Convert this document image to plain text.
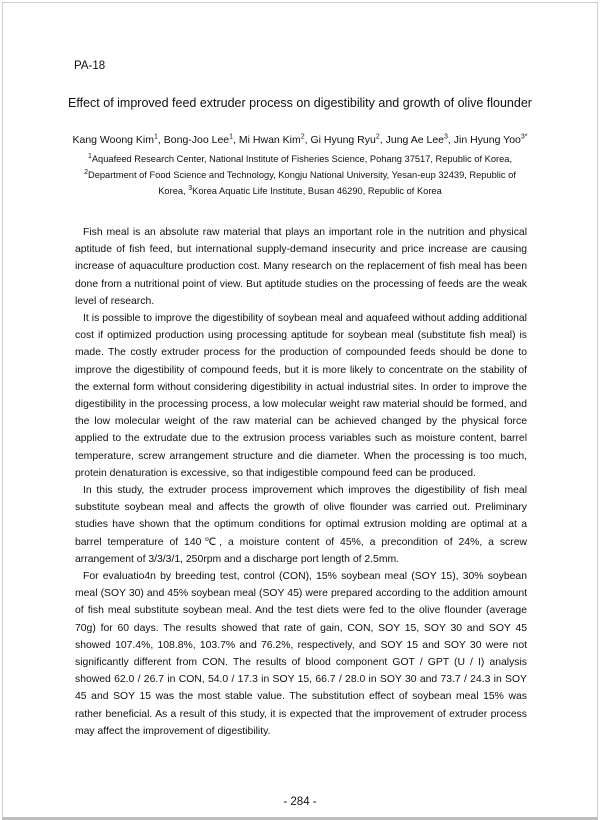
PA-18
Effect of improved feed extruder process on digestibility and growth of olive flounder
Kang Woong Kim$^1$, Bong-Joo Lee$^1$, Mi Hwan Kim$^2$, Gi Hyung Ryu$^2$, Jung Ae Lee$^3$, Jin Hyung Yoo$^{3*}$
$^1$Aquafeed Research Center, National Institute of Fisheries Science, Pohang 37517, Republic of Korea,
$^2$Department of Food Science and Technology, Kongju National University, Yesan-eup 32439, Republic of
Korea, $^3$Korea Aquatic Life Institute, Busan 46290, Republic of Korea

Fish meal is an absolute raw material that plays an important role in the nutrition and physical aptitude of fish feed, but international supply-demand insecurity and price increase are causing increase of aquaculture production cost. Many research on the replacement of fish meal has been done from a nutritional point of view. But aptitude studies on the processing of feeds are the weak level of research.

It is possible to improve the digestibility of soybean meal and aquafeed without adding additional cost if optimized production using processing aptitude for soybean meal (substitute fish meal) is made. The costly extruder process for the production of compounded feeds should be done to improve the digestibility of compound feeds, but it is more likely to concentrate on the stability of the external form without considering digestibility in actual industrial sites. In order to improve the digestibility in the processing process, a low molecular weight raw material should be formed, and the low molecular weight of the raw material can be achieved changed by the physical force applied to the extrudate due to the extrusion process variables such as moisture content, barrel temperature, screw arrangement structure and die diameter. When the processing is too much, protein denaturation is excessive, so that indigestible compound feed can be produced.

In this study, the extruder process improvement which improves the digestibility of fish meal substitute soybean meal and affects the growth of olive flounder was carried out. Preliminary studies have shown that the optimum conditions for optimal extrusion molding are optimal at a barrel temperature of 140℃, a moisture content of 45%, a precondition of 24%, a screw arrangement of 3/3/3/1, 250rpm and a discharge port length of 2.5mm.

For evaluatio4n by breeding test, control (CON), 15% soybean meal (SOY 15), 30% soybean meal (SOY 30) and 45% soybean meal (SOY 45) were prepared according to the addition amount of fish meal substitute soybean meal. And the test diets were fed to the olive flounder (average 70g) for 60 days. The results showed that rate of gain, CON, SOY 15, SOY 30 and SOY 45 showed 107.4%, 108.8%, 103.7% and 76.2%, respectively, and SOY 15 and SOY 30 were not significantly different from CON. The results of blood component GOT / GPT (U / I) analysis showed 62.0 / 26.7 in CON, 54.0 / 17.3 in SOY 15, 66.7 / 28.0 in SOY 30 and 73.7 / 24.3 in SOY 45 and SOY 15 was the most stable value. The substitution effect of soybean meal 15% was rather beneficial. As a result of this study, it is expected that the improvement of extruder process may affect the improvement of digestibility.

- 284 -
